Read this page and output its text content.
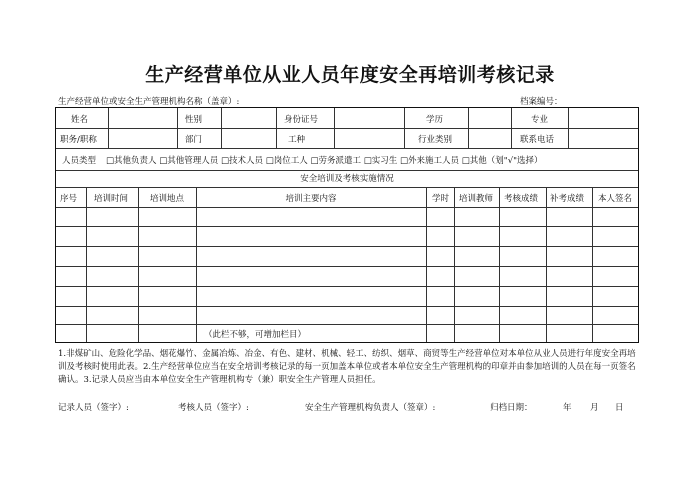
生产经营单位从业人员年度安全再培训考核记录
生产经营单位或安全生产管理机构名称（盖章）:	档案编号：
姓名	性别	身份证号	学历	专业
职务/职称	部门	工种	行业类别	联系电话
人员类型 □其他负责人 □其他管理人员 □技术人员 □岗位工人 □劳务派遣工 □实习生 □外来施工人员 □其他（划"√"选择）
安全培训及考核实施情况
序号 培训时间	培训地点	培训主要内容	学时 培训教师 考核成绩 补考成绩 本人签名
（此栏不够，可增加栏目）
1.非煤矿山、危险化学品、烟花爆竹、金属冶炼、冶金、有色、建材、机械、轻工、纺织、烟草、商贸等生产经营单位对本单位从业人员进行年度安全再培训及考核时使用此表。2.生产经营单位应当在安全培训考核记录的每一页加盖本单位或者本单位安全生产管理机构的印章并由参加培训的人员在每一页签名确认。3.记录人员应当由本单位安全生产管理机构专（兼）职安全生产管理人员担任。
记录人员（签字）:	考核人员（签字）:	安全生产管理机构负责人（签章）:	归档日期：	年 月 日
